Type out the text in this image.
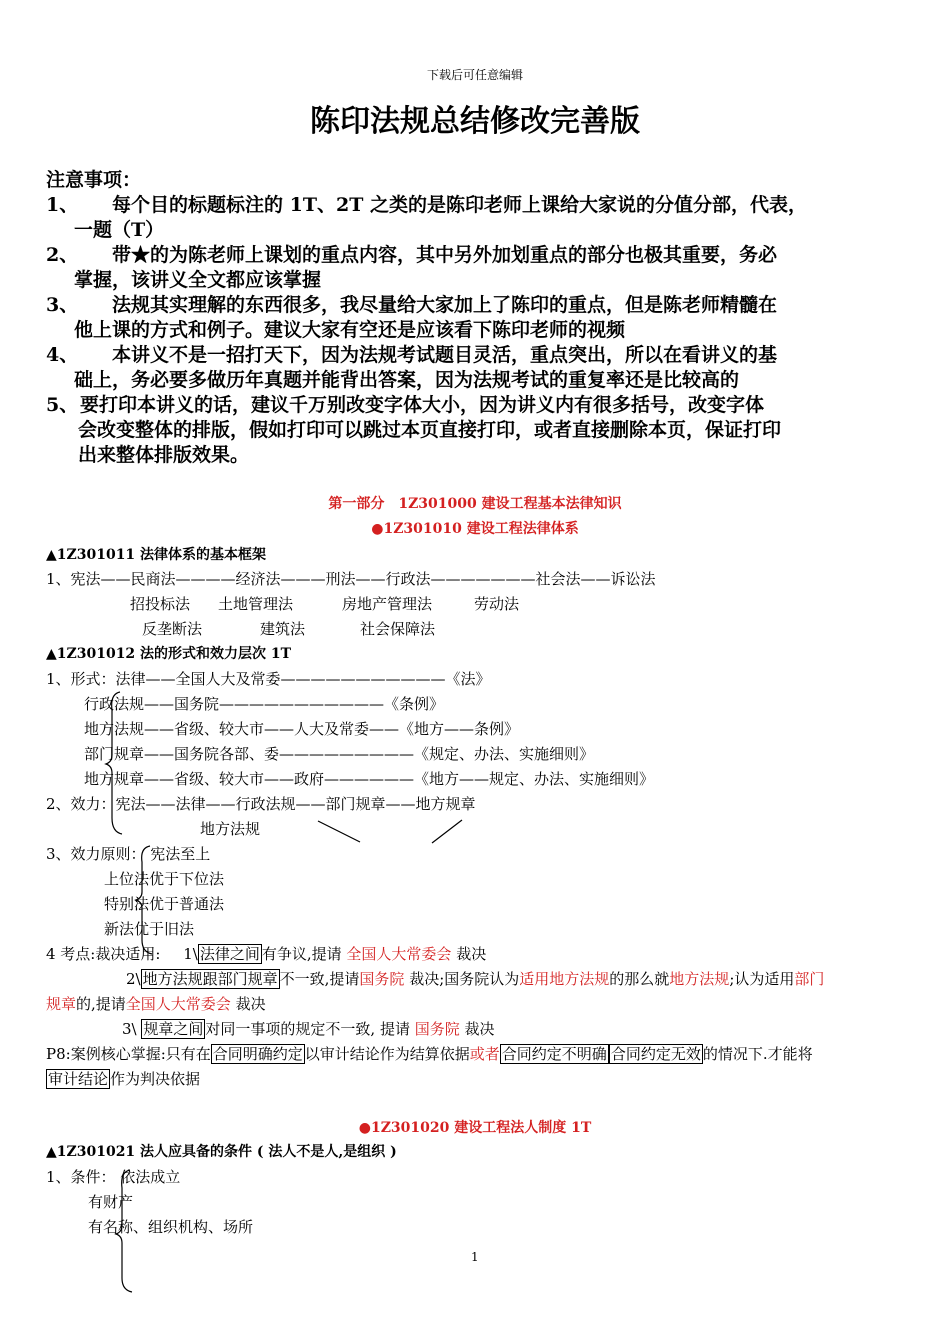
下载后可任意编辑
陈印法规总结修改完善版
注意事项：
1、 每个目的标题标注的 1T、2T 之类的是陈印老师上课给大家说的分值分部，代表，
一题（T）
2、 带★的为陈老师上课划的重点内容，其中另外加划重点的部分也极其重要，务必
掌握，该讲义全文都应该掌握
3、 法规其实理解的东西很多，我尽量给大家加上了陈印的重点，但是陈老师精髓在
他上课的方式和例子。建议大家有空还是应该看下陈印老师的视频
4、 本讲义不是一招打天下，因为法规考试题目灵活，重点突出，所以在看讲义的基
础上，务必要多做历年真题并能背出答案，因为法规考试的重复率还是比较高的
5、 要打印本讲义的话，建议千万别改变字体大小，因为讲义内有很多括号，改变字体
会改变整体的排版，假如打印可以跳过本页直接打印，或者直接删除本页，保证打印
出来整体排版效果。
第一部分　1Z301000 建设工程基本法律知识
●1Z301010 建设工程法律体系
▲1Z301011 法律体系的基本框架
1、宪法——民商法————经济法———刑法——行政法———————社会法——诉讼法
招投标法 土地管理法	房地产管理法	劳动法
反垄断法	建筑法	社会保障法
▲1Z301012 法的形式和效力层次 1T
1、形式：法律——全国人大及常委———————————《法》
行政法规——国务院———————————《条例》
地方法规——省级、较大市——人大及常委——《地方——条例》
部门规章——国务院各部、委—————————《规定、办法、实施细则》
地方规章——省级、较大市——政府——————《地方——规定、办法、实施细则》
2、效力：宪法——法律——行政法规——部门规章——地方规章
地方法规
3、效力原则： 宪法至上
上位法优于下位法
特别法优于普通法
新法优于旧法
4 考点:裁决适用: 1\ 法律之间 有争议,提请 全国人大常委会 裁决
2\ 地方法规跟部门规章 不一致,提请国务院 裁决;国务院认为适用地方法规的那么就地方法规;认为适用部门
规章的,提请全国人大常委会 裁决
3\ 规章之间 对同一事项的规定不一致, 提请 国务院 裁决
P8:案例核心掌握:只有在 合同明确约定 以审计结论作为结算依据或者 合同约定不明确 合同约定无效 的情况下.才能将
审计结论 作为判决依据
●1Z301020 建设工程法人制度 1T
▲1Z301021 法人应具备的条件 ( 法人不是人,是组织 )
1、条件： 依法成立
有财产
有名称、组织机构、场所
1
